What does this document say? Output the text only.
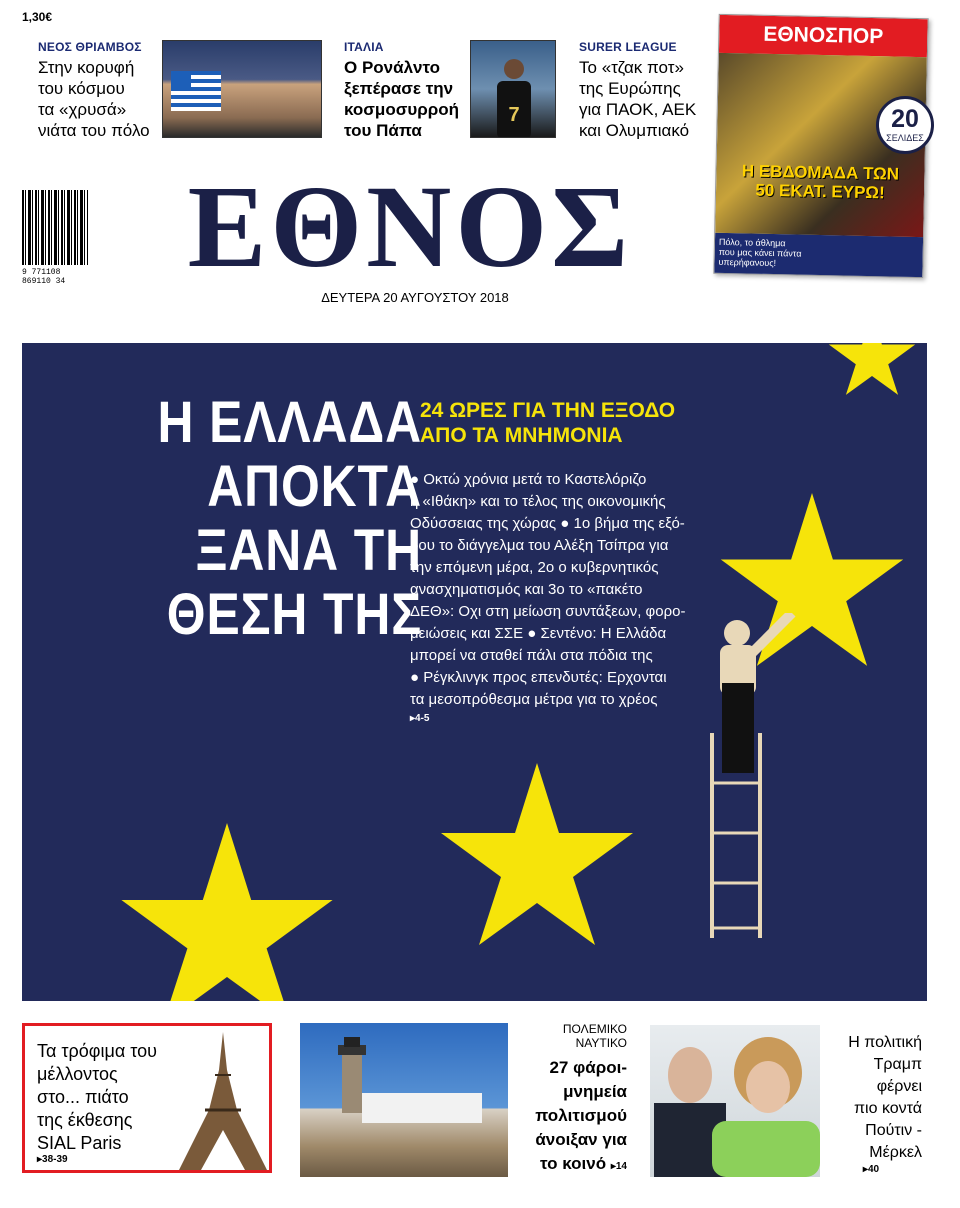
1,30€
ΝΕΟΣ ΘΡΙΑΜΒΟΣ
Στην κορυφή
του κόσμου
τα «χρυσά»
νιάτα του πόλο
ΙΤΑΛΙΑ
Ο Ρονάλντο
ξεπέρασε την
κοσμοσυρροή
του Πάπα
7
SURER LEAGUE
Το «τζακ ποτ»
της Ευρώπης
για ΠΑΟΚ, ΑΕΚ
και Ολυμπιακό
ΕΘΝΟΣΠΟΡ
Η ΕΒΔΟΜΑΔΑ ΤΩΝ
50 ΕΚΑΤ. ΕΥΡΩ!
Πόλο, το άθλημα
που μας κάνει πάντα
υπερήφανους!
20
ΣΕΛΙΔΕΣ
9 771108 869110 34 ΕΘΝΟΣ
ΔΕΥΤΕΡΑ 20 ΑΥΓΟΥΣΤΟΥ 2018
Η ΕΛΛΑΔΑ
ΑΠΟΚΤΑ
ΞΑΝΑ ΤΗ
ΘΕΣΗ ΤΗΣ
24 ΩΡΕΣ ΓΙΑ ΤΗΝ ΕΞΟΔΟ
ΑΠΟ ΤΑ ΜΝΗΜΟΝΙΑ
● Οκτώ χρόνια μετά το Καστελόριζο
η «Ιθάκη» και το τέλος της οικονομικής
Οδύσσειας της χώρας ● 1ο βήμα της εξό-
δου το διάγγελμα του Αλέξη Τσίπρα για
την επόμενη μέρα, 2ο ο κυβερνητικός
ανασχηματισμός και 3ο το «πακέτο
ΔΕΘ»: Οχι στη μείωση συντάξεων, φορο-
μειώσεις και ΣΣΕ ● Σεντένο: Η Ελλάδα
μπορεί να σταθεί πάλι στα πόδια της
● Ρέγκλινγκ προς επενδυτές: Ερχονται
τα μεσοπρόθεσμα μέτρα για το χρέος
▸4-5
Τα τρόφιμα του
μέλλοντος
στο... πιάτο
της έκθεσης
SIAL Paris
▸38-39
ΠΟΛΕΜΙΚΟ
ΝΑΥΤΙΚΟ
27 φάροι-
μνημεία
πολιτισμού
άνοιξαν για
το κοινό ▸14
Η πολιτική
Τραμπ
φέρνει
πιο κοντά
Πούτιν -
Μέρκελ
▸40
